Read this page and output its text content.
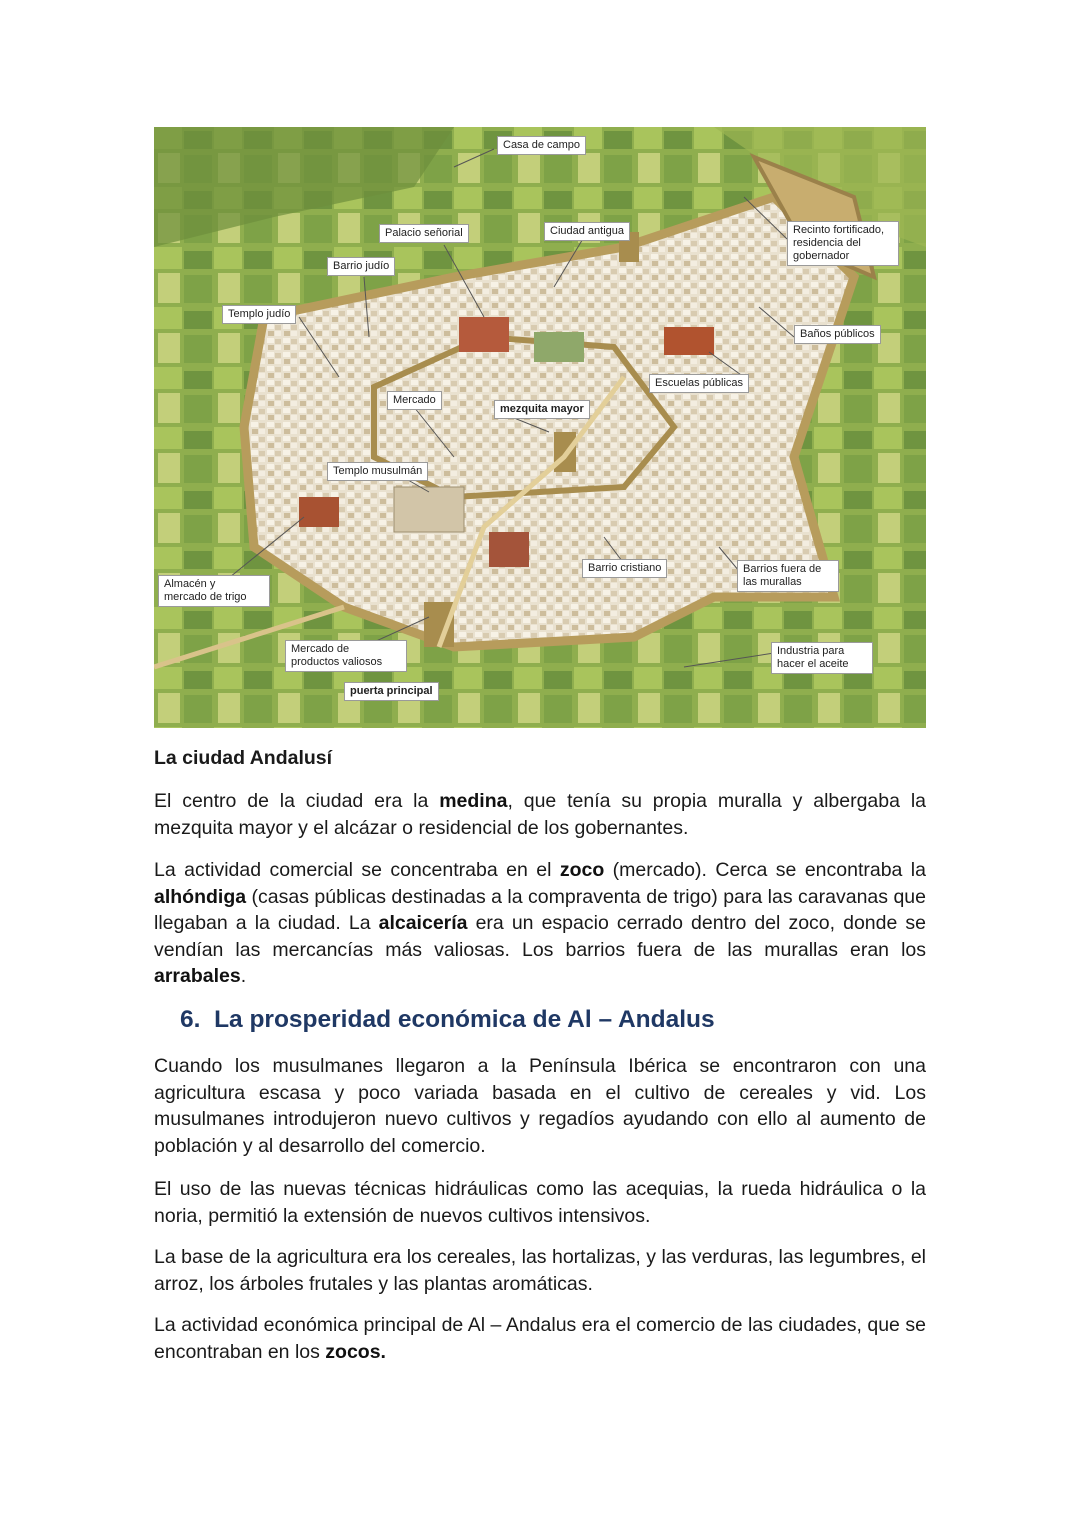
Casa de campo
Palacio señorial	Ciudad antigua	Recinto fortificado,
residencia del
gobernador
Barrio judío
Templo judío
Baños públicos
Escuelas públicas
Mercado
mezquita mayor
Templo musulmán
Barrio cristiano	Barrios fuera de
las murallas
Almacén y
mercado de trigo
Mercado de
productos valiosos
puerta principal
Industria para
hacer el aceite
La ciudad Andalusí
El centro de la ciudad era la medina, que tenía su propia muralla y albergaba la mezquita mayor y el alcázar o residencial de los gobernantes.
La actividad comercial se concentraba en el zoco (mercado). Cerca se encontraba la alhóndiga (casas públicas destinadas a la compraventa de trigo) para las caravanas que llegaban a la ciudad. La alcaicería era un espacio cerrado dentro del zoco, donde se vendían las mercancías más valiosas. Los barrios fuera de las murallas eran los arrabales.
6. La prosperidad económica de Al – Andalus
Cuando los musulmanes llegaron a la Península Ibérica se encontraron con una agricultura escasa y poco variada basada en el cultivo de cereales y vid. Los musulmanes introdujeron nuevo cultivos y regadíos ayudando con ello al aumento de población y al desarrollo del comercio.
El uso de las nuevas técnicas hidráulicas como las acequias, la rueda hidráulica o la noria, permitió la extensión de nuevos cultivos intensivos.
La base de la agricultura era los cereales, las hortalizas, y las verduras, las legumbres, el arroz, los árboles frutales y las plantas aromáticas.
La actividad económica principal de Al – Andalus era el comercio de las ciudades, que se encontraban en los zocos.
